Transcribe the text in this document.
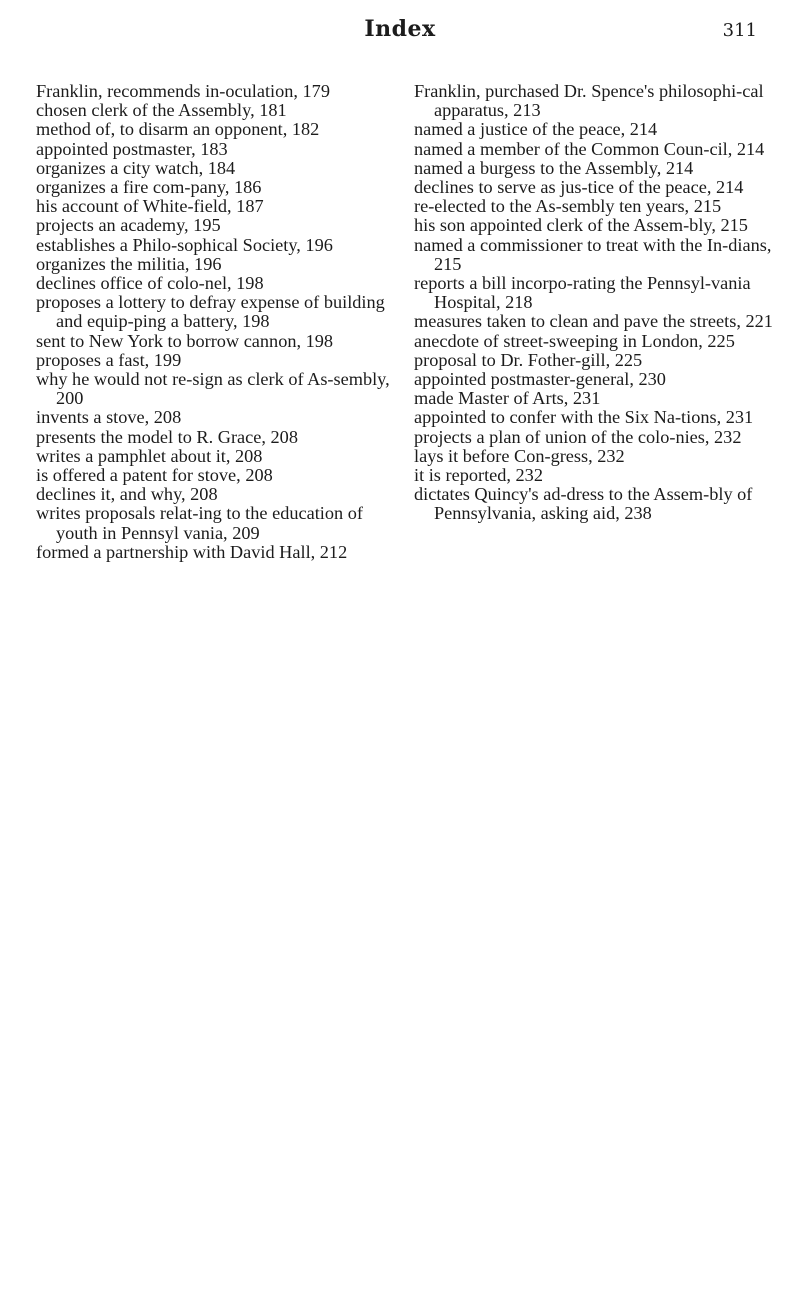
Index	311
Franklin, recommends in-oculation, 179
chosen clerk of the Assembly, 181
method of, to disarm an opponent, 182
appointed postmaster, 183
organizes a city watch, 184
organizes a fire com-pany, 186
his account of White-field, 187
projects an academy, 195
establishes a Philo-sophical Society, 196
organizes the militia, 196
declines office of colo-nel, 198
proposes a lottery to defray expense of building and equip-ping a battery, 198
sent to New York to borrow cannon, 198
proposes a fast, 199
why he would not re-sign as clerk of As-sembly, 200
invents a stove, 208
presents the model to R. Grace, 208
writes a pamphlet about it, 208
is offered a patent for stove, 208
declines it, and why, 208
writes proposals relat-ing to the education of youth in Pennsyl vania, 209
formed a partnership with David Hall, 212
Franklin, purchased Dr. Spence's philosophi-cal apparatus, 213
named a justice of the peace, 214
named a member of the Common Coun-cil, 214
named a burgess to the Assembly, 214
declines to serve as jus-tice of the peace, 214
re-elected to the As-sembly ten years, 215
his son appointed clerk of the Assem-bly, 215
named a commissioner to treat with the In-dians, 215
reports a bill incorpo-rating the Pennsyl-vania Hospital, 218
measures taken to clean and pave the streets, 221
anecdote of street-sweeping in London, 225
proposal to Dr. Fother-gill, 225
appointed postmaster-general, 230
made Master of Arts, 231
appointed to confer with the Six Na-tions, 231
projects a plan of union of the colo-nies, 232
lays it before Con-gress, 232
it is reported, 232
dictates Quincy's ad-dress to the Assem-bly of Pennsylvania, asking aid, 238
